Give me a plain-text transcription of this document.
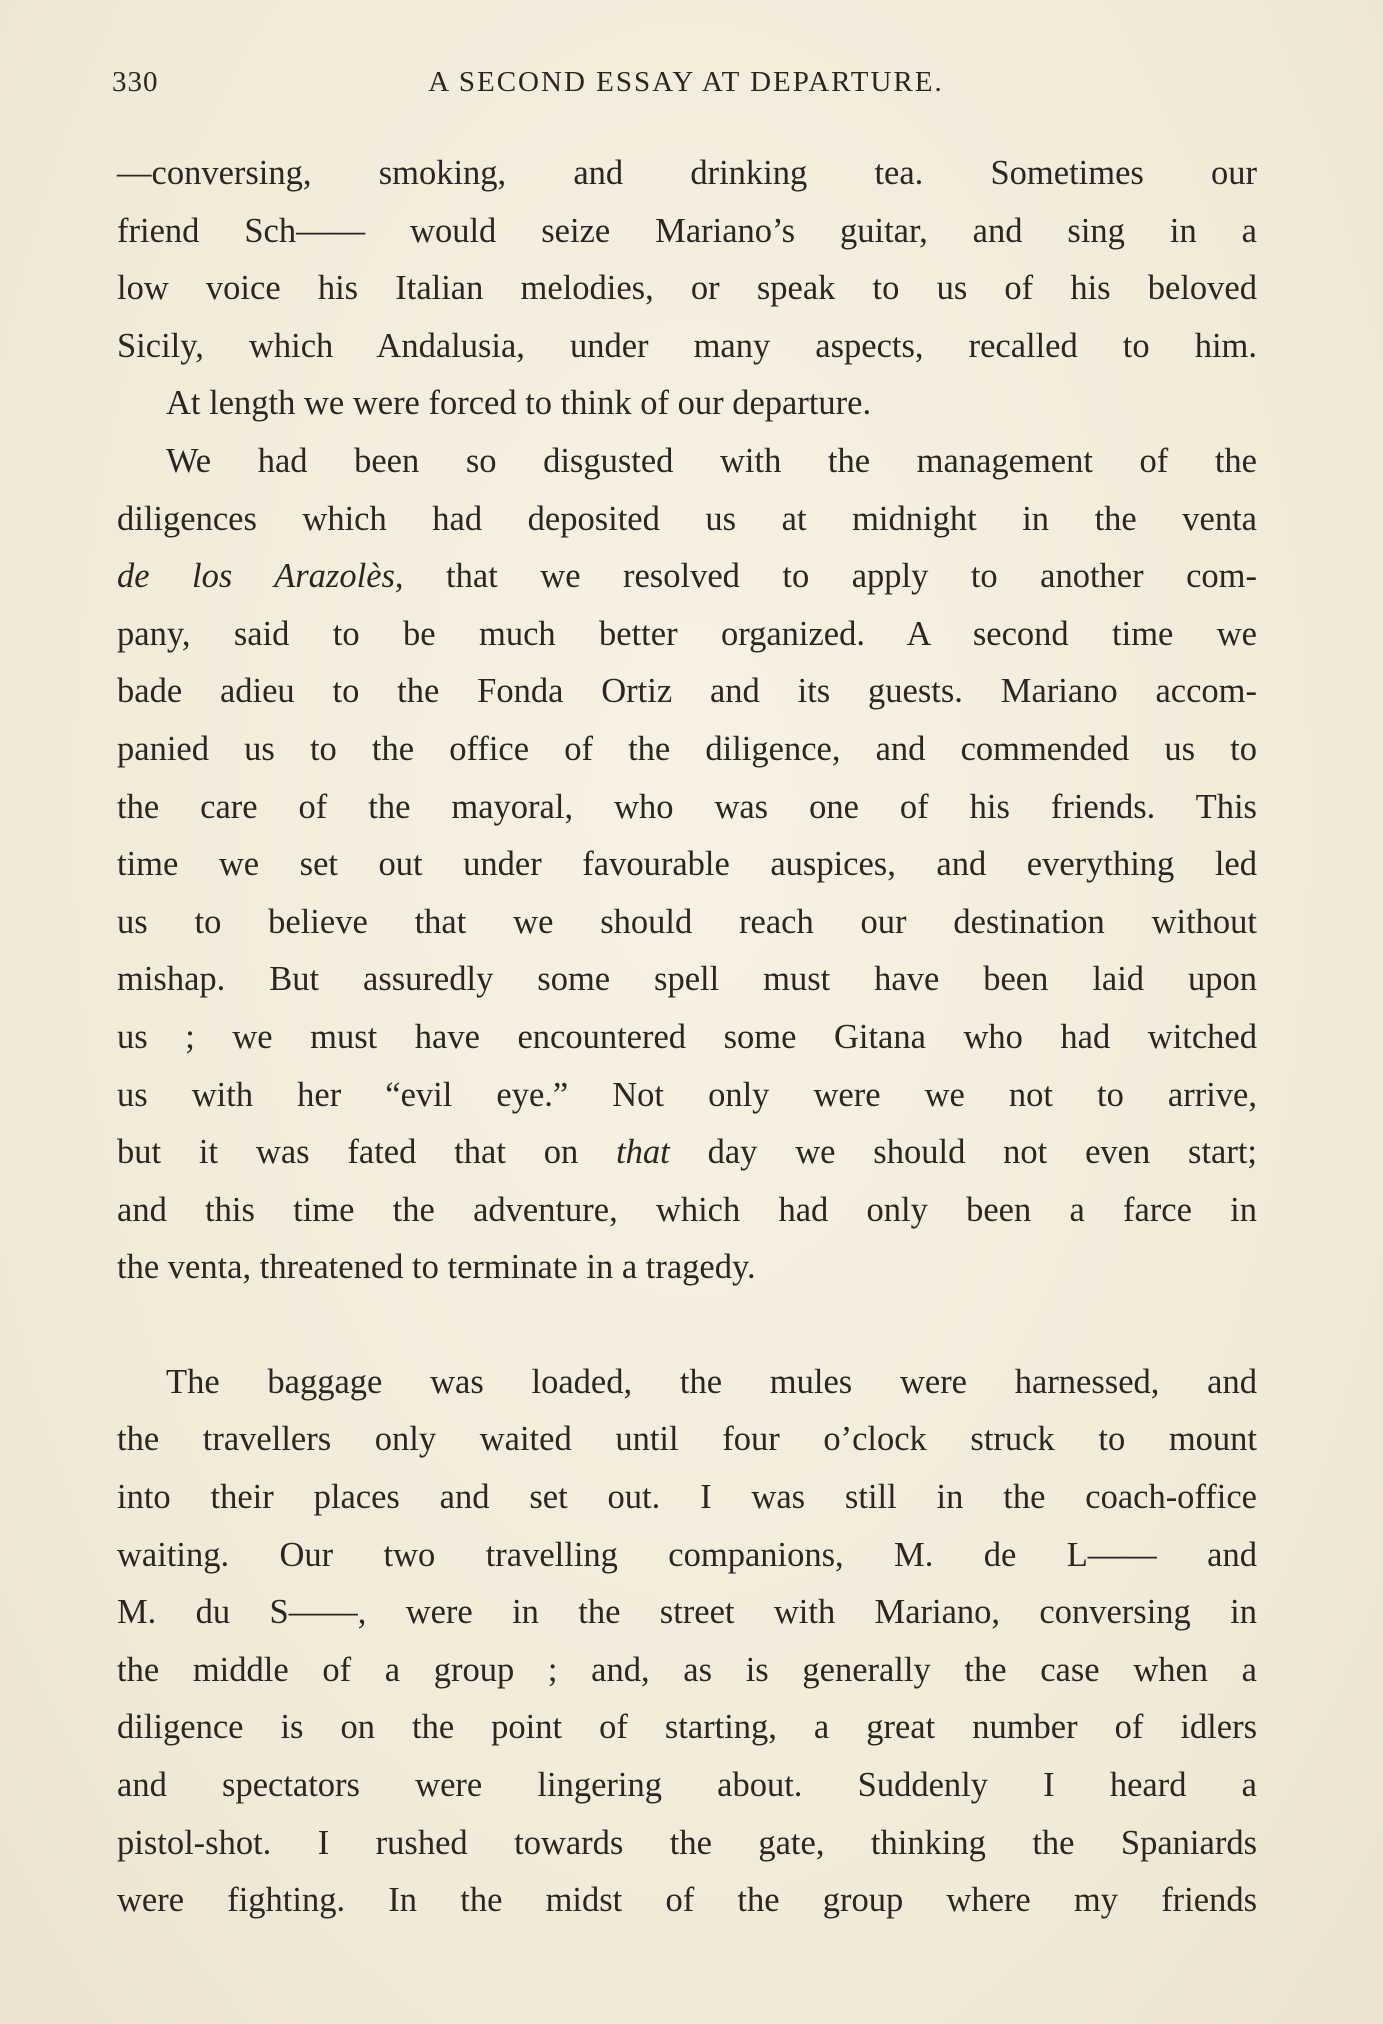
330	A SECOND ESSAY AT DEPARTURE.
—conversing, smoking, and drinking tea. Sometimes our
friend Sch—— would seize Mariano’s guitar, and sing in a
low voice his Italian melodies, or speak to us of his beloved
Sicily, which Andalusia, under many aspects, recalled to him.
At length we were forced to think of our departure.
We had been so disgusted with the management of the
diligences which had deposited us at midnight in the venta
de los Arazolès, that we resolved to apply to another com-
pany, said to be much better organized. A second time we
bade adieu to the Fonda Ortiz and its guests. Mariano accom-
panied us to the office of the diligence, and commended us to
the care of the mayoral, who was one of his friends. This
time we set out under favourable auspices, and everything led
us to believe that we should reach our destination without
mishap. But assuredly some spell must have been laid upon
us ; we must have encountered some Gitana who had witched
us with her “evil eye.” Not only were we not to arrive,
but it was fated that on that day we should not even start;
and this time the adventure, which had only been a farce in
the venta, threatened to terminate in a tragedy.
The baggage was loaded, the mules were harnessed, and
the travellers only waited until four o’clock struck to mount
into their places and set out. I was still in the coach-office
waiting. Our two travelling companions, M. de L—— and
M. du S——, were in the street with Mariano, conversing in
the middle of a group ; and, as is generally the case when a
diligence is on the point of starting, a great number of idlers
and spectators were lingering about. Suddenly I heard a
pistol-shot. I rushed towards the gate, thinking the Spaniards
were fighting. In the midst of the group where my friends
